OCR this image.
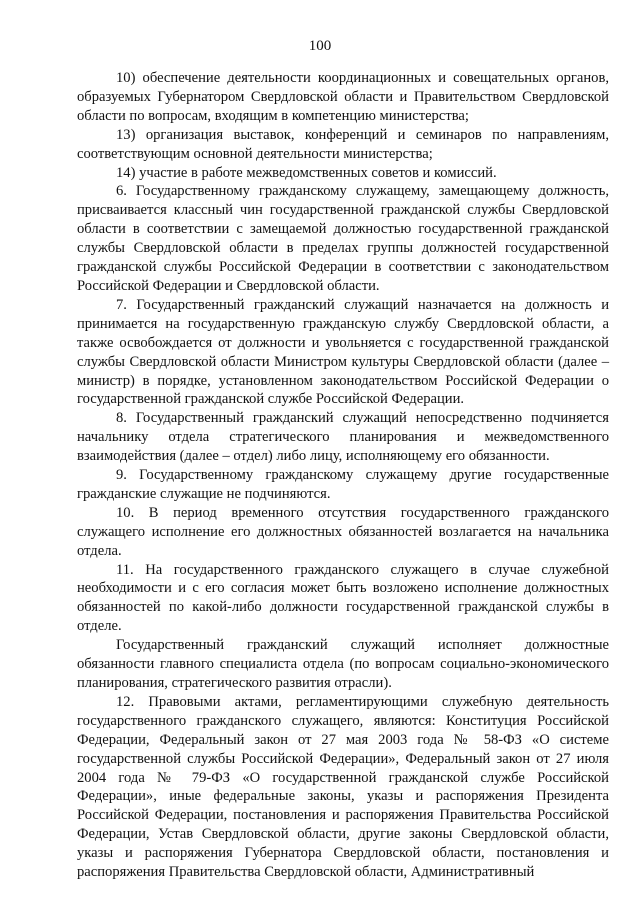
100

10) обеспечение деятельности координационных и совещательных органов, образуемых Губернатором Свердловской области и Правительством Свердловской области по вопросам, входящим в компетенцию министерства;

13) организация выставок, конференций и семинаров по направлениям, соответствующим основной деятельности министерства;

14) участие в работе межведомственных советов и комиссий.

6. Государственному гражданскому служащему, замещающему должность, присваивается классный чин государственной гражданской службы Свердловской области в соответствии с замещаемой должностью государственной гражданской службы Свердловской области в пределах группы должностей государственной гражданской службы Российской Федерации в соответствии с законодательством Российской Федерации и Свердловской области.

7. Государственный гражданский служащий назначается на должность и принимается на государственную гражданскую службу Свердловской области, а также освобождается от должности и увольняется с государственной гражданской службы Свердловской области Министром культуры Свердловской области (далее – министр) в порядке, установленном законодательством Российской Федерации о государственной гражданской службе Российской Федерации.

8. Государственный гражданский служащий непосредственно подчиняется начальнику отдела стратегического планирования и межведомственного взаимодействия (далее – отдел) либо лицу, исполняющему его обязанности.

9. Государственному гражданскому служащему другие государственные гражданские служащие не подчиняются.

10. В период временного отсутствия государственного гражданского служащего исполнение его должностных обязанностей возлагается на начальника отдела.

11. На государственного гражданского служащего в случае служебной необходимости и с его согласия может быть возложено исполнение должностных обязанностей по какой-либо должности государственной гражданской службы в отделе.

Государственный гражданский служащий исполняет должностные обязанности главного специалиста отдела (по вопросам социально-экономического планирования, стратегического развития отрасли).

12. Правовыми актами, регламентирующими служебную деятельность государственного гражданского служащего, являются: Конституция Российской Федерации, Федеральный закон от 27 мая 2003 года № 58-ФЗ «О системе государственной службы Российской Федерации», Федеральный закон от 27 июля 2004 года № 79-ФЗ «О государственной гражданской службе Российской Федерации», иные федеральные законы, указы и распоряжения Президента Российской Федерации, постановления и распоряжения Правительства Российской Федерации, Устав Свердловской области, другие законы Свердловской области, указы и распоряжения Губернатора Свердловской области, постановления и распоряжения Правительства Свердловской области, Административный
